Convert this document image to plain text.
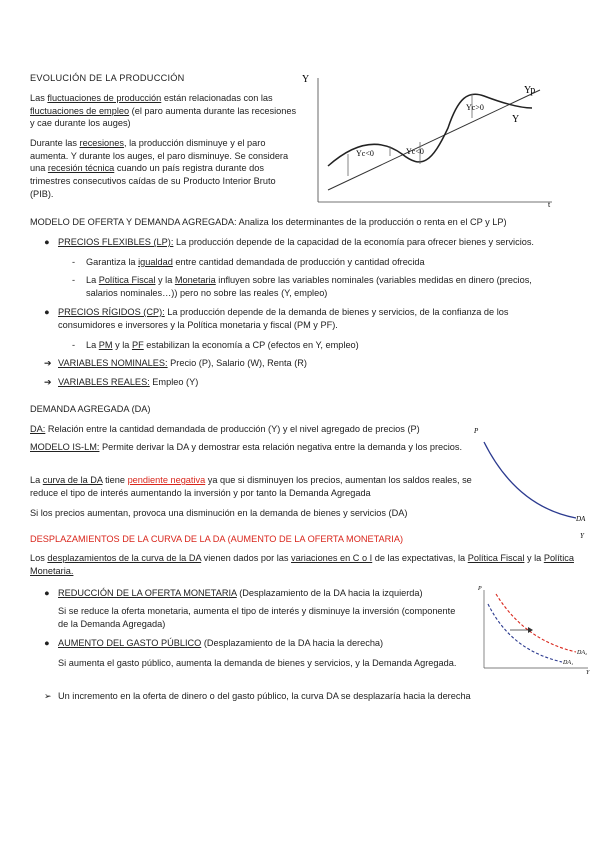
EVOLUCIÓN DE LA PRODUCCIÓN
Las fluctuaciones de producción están relacionadas con las fluctuaciones de empleo (el paro aumenta durante las recesiones y cae durante los auges)
Durante las recesiones, la producción disminuye y el paro aumenta. Y durante los auges, el paro disminuye. Se considera una recesión técnica cuando un país registra durante dos trimestres consecutivos caídas de su Producto Interior Bruto (PIB).
Y
t
Yp
Y
Yc<0	Yc<0
Yc>0
MODELO DE OFERTA Y DEMANDA AGREGADA: Analiza los determinantes de la producción o renta en el CP y LP)
● PRECIOS FLEXIBLES (LP): La producción depende de la capacidad de la economía para ofrecer bienes y servicios.
-	Garantiza la igualdad entre cantidad demandada de producción y cantidad ofrecida
-	La Política Fiscal y la Monetaria influyen sobre las variables nominales (variables medidas en dinero (precios, salarios nominales…)) pero no sobre las reales (Y, empleo)
● PRECIOS RÍGIDOS (CP): La producción depende de la demanda de bienes y servicios, de la confianza de los consumidores e inversores y la Política monetaria y fiscal (PM y PF).
-	La PM y la PF estabilizan la economía a CP (efectos en Y, empleo)
➔ VARIABLES NOMINALES: Precio (P), Salario (W), Renta (R)
➔ VARIABLES REALES: Empleo (Y)
DEMANDA AGREGADA (DA)
DA: Relación entre la cantidad demandada de producción (Y) y el nivel agregado de precios (P)
MODELO IS-LM: Permite derivar la DA y demostrar esta relación negativa entre la demanda y los precios.
La curva de la DA tiene pendiente negativa ya que si disminuyen los precios, aumentan los saldos reales, se reduce el tipo de interés aumentando la inversión y por tanto la Demanda Agregada
Si los precios aumentan, provoca una disminución en la demanda de bienes y servicios (DA)
P
DA
Y
DESPLAZAMIENTOS DE LA CURVA DE LA DA (AUMENTO DE LA OFERTA MONETARIA)
Los desplazamientos de la curva de la DA vienen dados por las variaciones en C o I de las expectativas, la Política Fiscal y la Política Monetaria.
● REDUCCIÓN DE LA OFERTA MONETARIA (Desplazamiento de la DA hacia la izquierda)
Si se reduce la oferta monetaria, aumenta el tipo de interés y disminuye la inversión (componente de la Demanda Agregada)
● AUMENTO DEL GASTO PÚBLICO (Desplazamiento de la DA hacia la derecha)
Si aumenta el gasto público, aumenta la demanda de bienes y servicios, y la Demanda Agregada.
➢ Un incremento en la oferta de dinero o del gasto público, la curva DA se desplazaría hacia la derecha
P
Y
DA₂
DA₁
